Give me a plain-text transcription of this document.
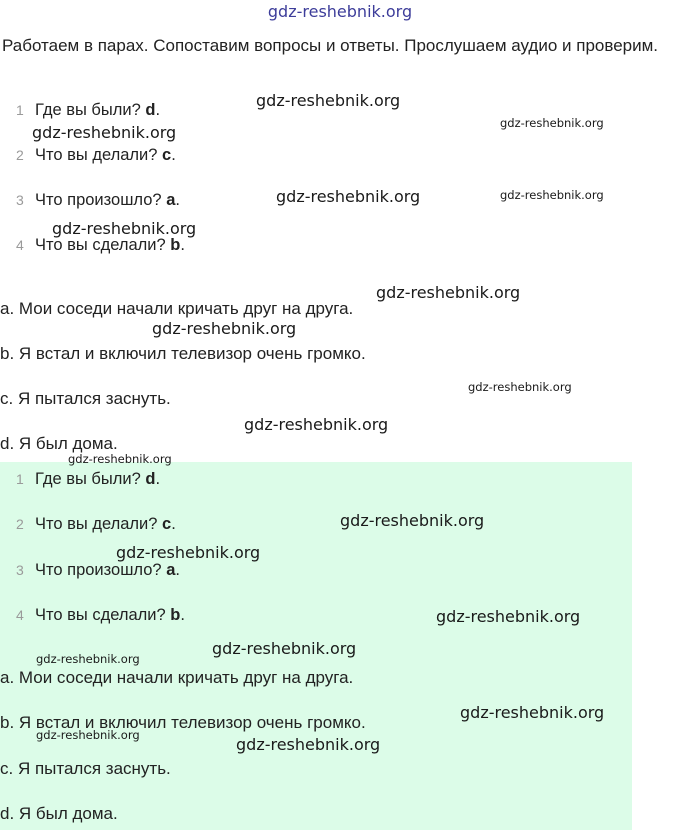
gdz-reshebnik.org
Работаем в парах. Сопоставим вопросы и ответы. Прослушаем аудио и проверим.
1 Где вы были? d.
2 Что вы делали? c.
3 Что произошло? a.
4 Что вы сделали? b.
a. Мои соседи начали кричать друг на друга.
b. Я встал и включил телевизор очень громко.
c. Я пытался заснуть.
d. Я был дома.
1 Где вы были? d.
2 Что вы делали? c.
3 Что произошло? a.
4 Что вы сделали? b.
a. Мои соседи начали кричать друг на друга.
b. Я встал и включил телевизор очень громко.
c. Я пытался заснуть.
d. Я был дома.
gdz-reshebnik.org
gdz-reshebnik.org	gdz-reshebnik.org
gdz-reshebnik.org	gdz-reshebnik.org
gdz-reshebnik.org
gdz-reshebnik.org
gdz-reshebnik.org
gdz-reshebnik.org
gdz-reshebnik.org
gdz-reshebnik.org
gdz-reshebnik.org
gdz-reshebnik.org
gdz-reshebnik.org
gdz-reshebnik.org
gdz-reshebnik.org
gdz-reshebnik.org
gdz-reshebnik.org	gdz-reshebnik.org
